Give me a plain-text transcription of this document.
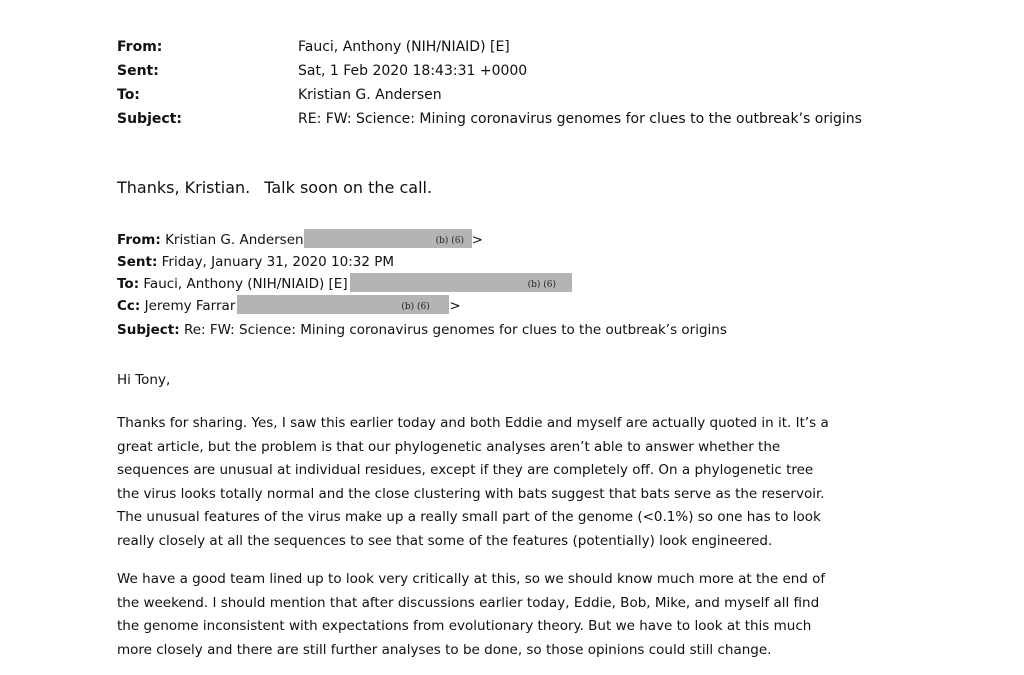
From:	Fauci, Anthony (NIH/NIAID) [E]
Sent:	Sat, 1 Feb 2020 18:43:31 +0000
To:	Kristian G. Andersen
Subject:	RE: FW: Science: Mining coronavirus genomes for clues to the outbreak’s origins
Thanks, Kristian. Talk soon on the call.
From: Kristian G. Andersen	(b) (6) >
Sent: Friday, January 31, 2020 10:32 PM
To: Fauci, Anthony (NIH/NIAID) [E]	(b) (6)
Cc: Jeremy Farrar	(b) (6) >
Subject: Re: FW: Science: Mining coronavirus genomes for clues to the outbreak’s origins
Hi Tony,
Thanks for sharing. Yes, I saw this earlier today and both Eddie and myself are actually quoted in it. It’s a
great article, but the problem is that our phylogenetic analyses aren’t able to answer whether the
sequences are unusual at individual residues, except if they are completely off. On a phylogenetic tree
the virus looks totally normal and the close clustering with bats suggest that bats serve as the reservoir.
The unusual features of the virus make up a really small part of the genome (<0.1%) so one has to look
really closely at all the sequences to see that some of the features (potentially) look engineered.
We have a good team lined up to look very critically at this, so we should know much more at the end of
the weekend. I should mention that after discussions earlier today, Eddie, Bob, Mike, and myself all find
the genome inconsistent with expectations from evolutionary theory. But we have to look at this much
more closely and there are still further analyses to be done, so those opinions could still change.
